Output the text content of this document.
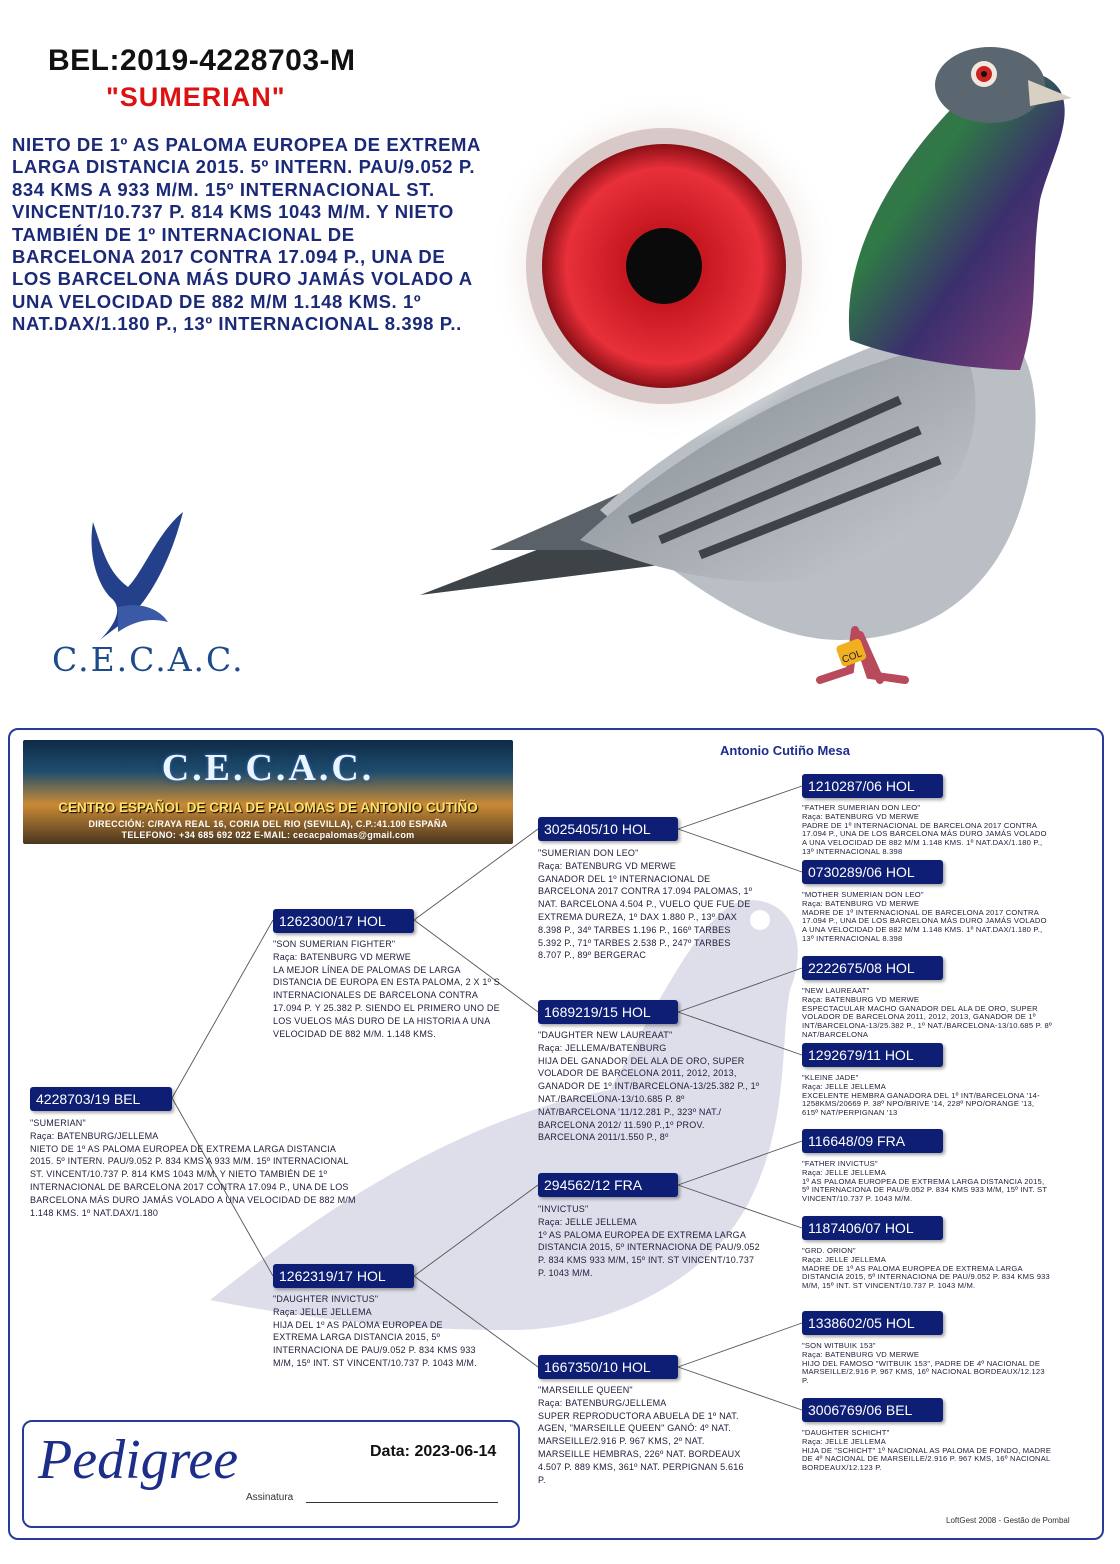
BEL:2019-4228703-M
"SUMERIAN"

NIETO DE 1º AS PALOMA EUROPEA DE EXTREMA LARGA DISTANCIA 2015. 5º INTERN. PAU/9.052 P. 834 KMS A 933 M/M. 15º INTERNACIONAL ST. VINCENT/10.737 P. 814 KMS 1043 M/M. Y NIETO TAMBIÉN DE 1º INTERNACIONAL DE BARCELONA 2017 CONTRA 17.094 P., UNA DE LOS BARCELONA MÁS DURO JAMÁS VOLADO A UNA VELOCIDAD DE 882 M/M 1.148 KMS. 1º NAT.DAX/1.180 P., 13º INTERNACIONAL 8.398 P..

COL
C.E.C.A.C.
C.E.C.A.C.
CENTRO ESPAÑOL DE CRIA DE PALOMAS DE ANTONIO CUTIÑO
DIRECCIÓN: C/RAYA REAL 16, CORIA DEL RIO (SEVILLA), C.P.:41.100 ESPAÑA
TELEFONO: +34 685 692 022 E-MAIL: cecacpalomas@gmail.com
Antonio Cutiño Mesa
4228703/19 BEL
"SUMERIAN"
Raça: BATENBURG/JELLEMA
NIETO DE 1º AS PALOMA EUROPEA DE EXTREMA LARGA DISTANCIA 2015. 5º INTERN. PAU/9.052 P. 834 KMS A 933 M/M. 15º INTERNACIONAL ST. VINCENT/10.737 P. 814 KMS 1043 M/M. Y NIETO TAMBIÉN DE 1º INTERNACIONAL DE BARCELONA 2017 CONTRA 17.094 P., UNA DE LOS BARCELONA MÁS DURO JAMÁS VOLADO A UNA VELOCIDAD DE 882 M/M 1.148 KMS. 1º NAT.DAX/1.180
1262300/17 HOL
"SON SUMERIAN FIGHTER"
Raça: BATENBURG VD MERWE
LA MEJOR LÍNEA DE PALOMAS DE LARGA DISTANCIA DE EUROPA EN ESTA PALOMA, 2 X 1º S INTERNACIONALES DE BARCELONA CONTRA 17.094 P. Y 25.382 P. SIENDO EL PRIMERO UNO DE LOS VUELOS MÁS DURO DE LA HISTORIA A UNA VELOCIDAD DE 882 M/M. 1.148 KMS.
1262319/17 HOL
"DAUGHTER INVICTUS"
Raça: JELLE JELLEMA
HIJA DEL 1º AS PALOMA EUROPEA DE EXTREMA LARGA DISTANCIA 2015, 5º INTERNACIONA DE PAU/9.052 P. 834 KMS 933 M/M, 15º INT. ST VINCENT/10.737 P. 1043 M/M.
3025405/10 HOL
"SUMERIAN DON LEO"
Raça: BATENBURG VD MERWE
GANADOR DEL 1º INTERNACIONAL DE BARCELONA 2017 CONTRA 17.094 PALOMAS, 1º NAT. BARCELONA 4.504 P., VUELO QUE FUE DE EXTREMA DUREZA, 1º DAX 1.880 P., 13º DAX 8.398 P., 34º TARBES 1.196 P., 166º TARBES 5.392 P., 71º TARBES 2.538 P., 247º TARBES 8.707 P., 89º BERGERAC
1689219/15 HOL
"DAUGHTER NEW LAUREAAT"
Raça: JELLEMA/BATENBURG
HIJA DEL GANADOR DEL ALA DE ORO, SUPER VOLADOR DE BARCELONA 2011, 2012, 2013, GANADOR DE 1º INT/BARCELONA-13/25.382 P., 1º NAT./BARCELONA-13/10.685 P. 8º NAT/BARCELONA '11/12.281 P., 323º NAT./ BARCELONA 2012/ 11.590 P.,1º PROV. BARCELONA 2011/1.550 P., 8º
294562/12 FRA
"INVICTUS"
Raça: JELLE JELLEMA
1º AS PALOMA EUROPEA DE EXTREMA LARGA DISTANCIA 2015, 5º INTERNACIONA DE PAU/9.052 P. 834 KMS 933 M/M, 15º INT. ST VINCENT/10.737 P. 1043 M/M.
1667350/10 HOL
"MARSEILLE QUEEN"
Raça: BATENBURG/JELLEMA
SUPER REPRODUCTORA ABUELA DE 1º NAT. AGEN, "MARSEILLE QUEEN" GANÓ: 4º NAT. MARSEILLE/2.916 P. 967 KMS, 2º NAT. MARSEILLE HEMBRAS, 226º NAT. BORDEAUX 4.507 P. 889 KMS, 361º NAT. PERPIGNAN 5.616 P.
1210287/06 HOL
"FATHER SUMERIAN DON LEO"
Raça: BATENBURG VD MERWE
PADRE DE 1º INTERNACIONAL DE BARCELONA 2017 CONTRA 17.094 P., UNA DE LOS BARCELONA MÁS DURO JAMÁS VOLADO A UNA VELOCIDAD DE 882 M/M 1.148 KMS. 1º NAT.DAX/1.180 P., 13º INTERNACIONAL 8.398
0730289/06 HOL
"MOTHER SUMERIAN DON LEO"
Raça: BATENBURG VD MERWE
MADRE DE 1º INTERNACIONAL DE BARCELONA 2017 CONTRA 17.094 P., UNA DE LOS BARCELONA MÁS DURO JAMÁS VOLADO A UNA VELOCIDAD DE 882 M/M 1.148 KMS. 1º NAT.DAX/1.180 P., 13º INTERNACIONAL 8.398
2222675/08 HOL
"NEW LAUREAAT"
Raça: BATENBURG VD MERWE
ESPECTACULAR MACHO GANADOR DEL ALA DE ORO, SUPER VOLADOR DE BARCELONA 2011, 2012, 2013, GANADOR DE 1º INT/BARCELONA-13/25.382 P., 1º NAT./BARCELONA-13/10.685 P. 8º NAT/BARCELONA
1292679/11 HOL
"KLEINE JADE"
Raça: JELLE JELLEMA
EXCELENTE HEMBRA GANADORA DEL 1º INT/BARCELONA '14-1258KMS/20669 P. 38º NPO/BRIVE '14, 228º NPO/ORANGE '13, 615º NAT/PERPIGNAN '13
116648/09 FRA
"FATHER INVICTUS"
Raça: JELLE JELLEMA
1º AS PALOMA EUROPEA DE EXTREMA LARGA DISTANCIA 2015, 5º INTERNACIONA DE PAU/9.052 P. 834 KMS 933 M/M, 15º INT. ST VINCENT/10.737 P. 1043 M/M.
1187406/07 HOL
"GRD. ORION"
Raça: JELLE JELLEMA
MADRE DE 1º AS PALOMA EUROPEA DE EXTREMA LARGA DISTANCIA 2015, 5º INTERNACIONA DE PAU/9.052 P. 834 KMS 933 M/M, 15º INT. ST VINCENT/10.737 P. 1043 M/M.
1338602/05 HOL
"SON WITBUIK 153"
Raça: BATENBURG VD MERWE
HIJO DEL FAMOSO "WITBUIK 153", PADRE DE 4º NACIONAL DE MARSEILLE/2.916 P. 967 KMS, 16º NACIONAL BORDEAUX/12.123 P.
3006769/06 BEL
"DAUGHTER SCHICHT"
Raça: JELLE JELLEMA
HIJA DE "SCHICHT" 1º NACIONAL AS PALOMA DE FONDO, MADRE DE 4º NACIONAL DE MARSEILLE/2.916 P. 967 KMS, 16º NACIONAL BORDEAUX/12.123 P.
Pedigree	Data: 2023-06-14
Assinatura
LoftGest 2008 - Gestão de Pombal
